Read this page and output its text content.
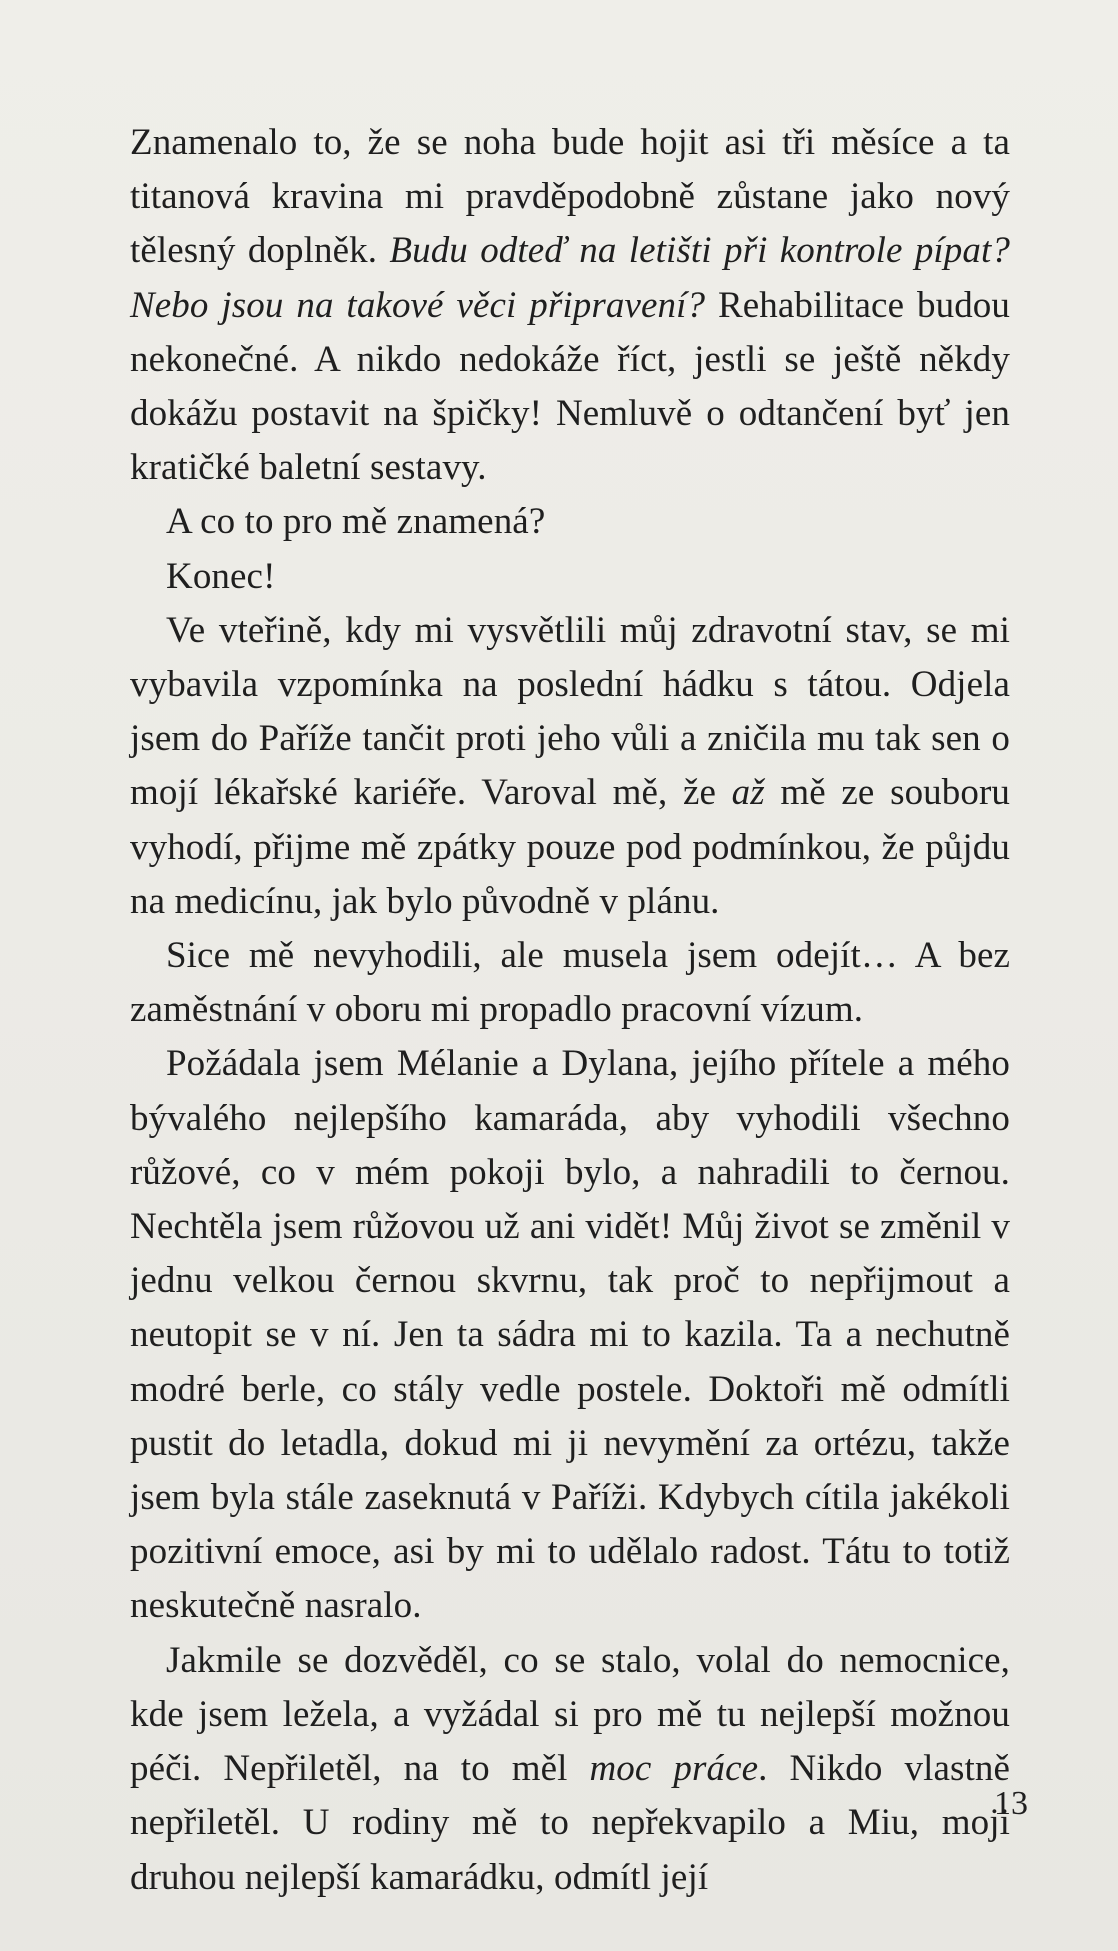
Znamenalo to, že se noha bude hojit asi tři měsíce a ta titanová kravina mi pravděpodobně zůstane jako nový tělesný doplněk. Budu odteď na letišti při kontrole pípat? Nebo jsou na takové věci připravení? Rehabilitace budou nekonečné. A nikdo nedokáže říct, jestli se ještě někdy dokážu postavit na špičky! Nemluvě o odtančení byť jen kratičké baletní sestavy.

A co to pro mě znamená?

Konec!

Ve vteřině, kdy mi vysvětlili můj zdravotní stav, se mi vybavila vzpomínka na poslední hádku s tátou. Odjela jsem do Paříže tančit proti jeho vůli a zničila mu tak sen o mojí lékařské kariéře. Varoval mě, že až mě ze souboru vyhodí, přijme mě zpátky pouze pod podmínkou, že půjdu na medicínu, jak bylo původně v plánu.

Sice mě nevyhodili, ale musela jsem odejít… A bez zaměstnání v oboru mi propadlo pracovní vízum.

Požádala jsem Mélanie a Dylana, jejího přítele a mého bývalého nejlepšího kamaráda, aby vyhodili všechno růžové, co v mém pokoji bylo, a nahradili to černou. Nechtěla jsem růžovou už ani vidět! Můj život se změnil v jednu velkou černou skvrnu, tak proč to nepřijmout a neutopit se v ní. Jen ta sádra mi to kazila. Ta a nechutně modré berle, co stály vedle postele. Doktoři mě odmítli pustit do letadla, dokud mi ji nevymění za ortézu, takže jsem byla stále zaseknutá v Paříži. Kdybych cítila jakékoli pozitivní emoce, asi by mi to udělalo radost. Tátu to totiž neskutečně nasralo.

Jakmile se dozvěděl, co se stalo, volal do nemocnice, kde jsem ležela, a vyžádal si pro mě tu nejlepší možnou péči. Nepřiletěl, na to měl moc práce. Nikdo vlastně nepřiletěl. U rodiny mě to nepřekvapilo a Miu, moji druhou nejlepší kamarádku, odmítl její

13
